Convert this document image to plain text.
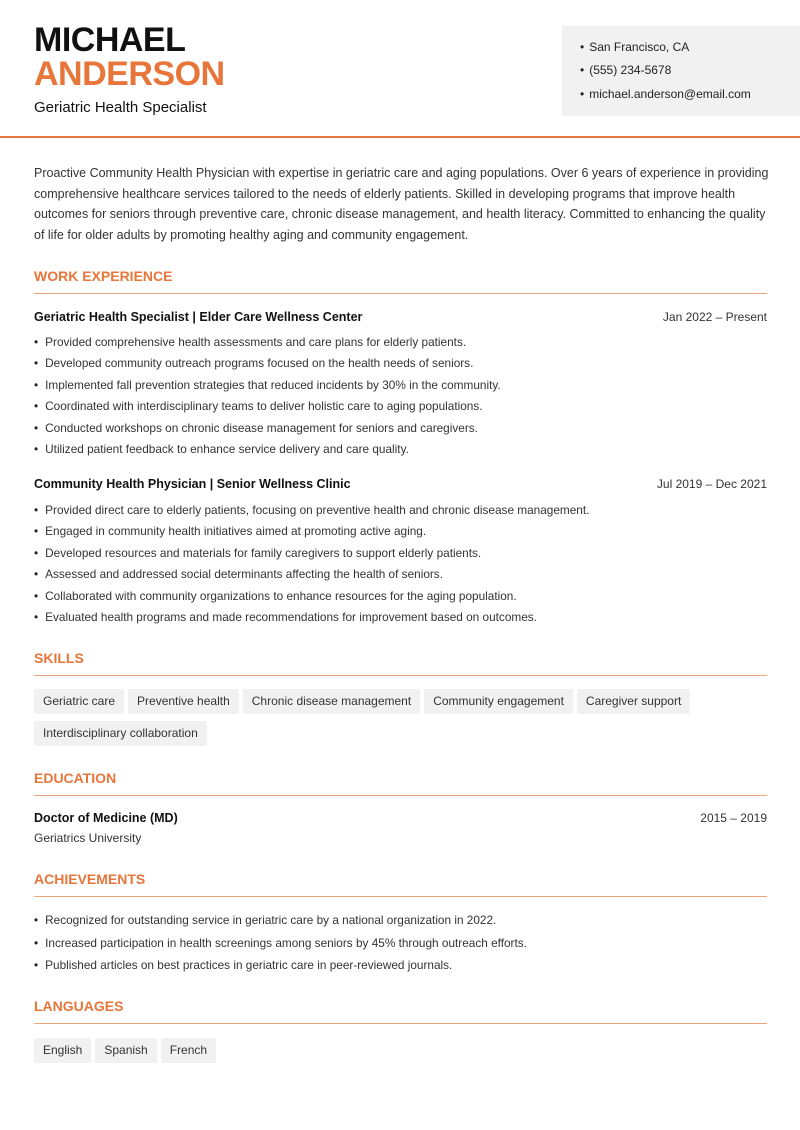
MICHAEL
ANDERSON
Geriatric Health Specialist
• San Francisco, CA
• (555) 234-5678
• michael.anderson@email.com
Proactive Community Health Physician with expertise in geriatric care and aging populations. Over 6 years of experience in providing comprehensive healthcare services tailored to the needs of elderly patients. Skilled in developing programs that improve health outcomes for seniors through preventive care, chronic disease management, and health literacy. Committed to enhancing the quality of life for older adults by promoting healthy aging and community engagement.
WORK EXPERIENCE
Geriatric Health Specialist | Elder Care Wellness Center	Jan 2022 – Present
• Provided comprehensive health assessments and care plans for elderly patients.
• Developed community outreach programs focused on the health needs of seniors.
• Implemented fall prevention strategies that reduced incidents by 30% in the community.
• Coordinated with interdisciplinary teams to deliver holistic care to aging populations.
• Conducted workshops on chronic disease management for seniors and caregivers.
• Utilized patient feedback to enhance service delivery and care quality.
Community Health Physician | Senior Wellness Clinic	Jul 2019 – Dec 2021
• Provided direct care to elderly patients, focusing on preventive health and chronic disease management.
• Engaged in community health initiatives aimed at promoting active aging.
• Developed resources and materials for family caregivers to support elderly patients.
• Assessed and addressed social determinants affecting the health of seniors.
• Collaborated with community organizations to enhance resources for the aging population.
• Evaluated health programs and made recommendations for improvement based on outcomes.
SKILLS
Geriatric care Preventive health Chronic disease management Community engagement Caregiver supportInterdisciplinary collaboration
EDUCATION
Doctor of Medicine (MD)	2015 – 2019
Geriatrics University
ACHIEVEMENTS
• Recognized for outstanding service in geriatric care by a national organization in 2022.
• Increased participation in health screenings among seniors by 45% through outreach efforts.
• Published articles on best practices in geriatric care in peer-reviewed journals.
LANGUAGES
English Spanish French
